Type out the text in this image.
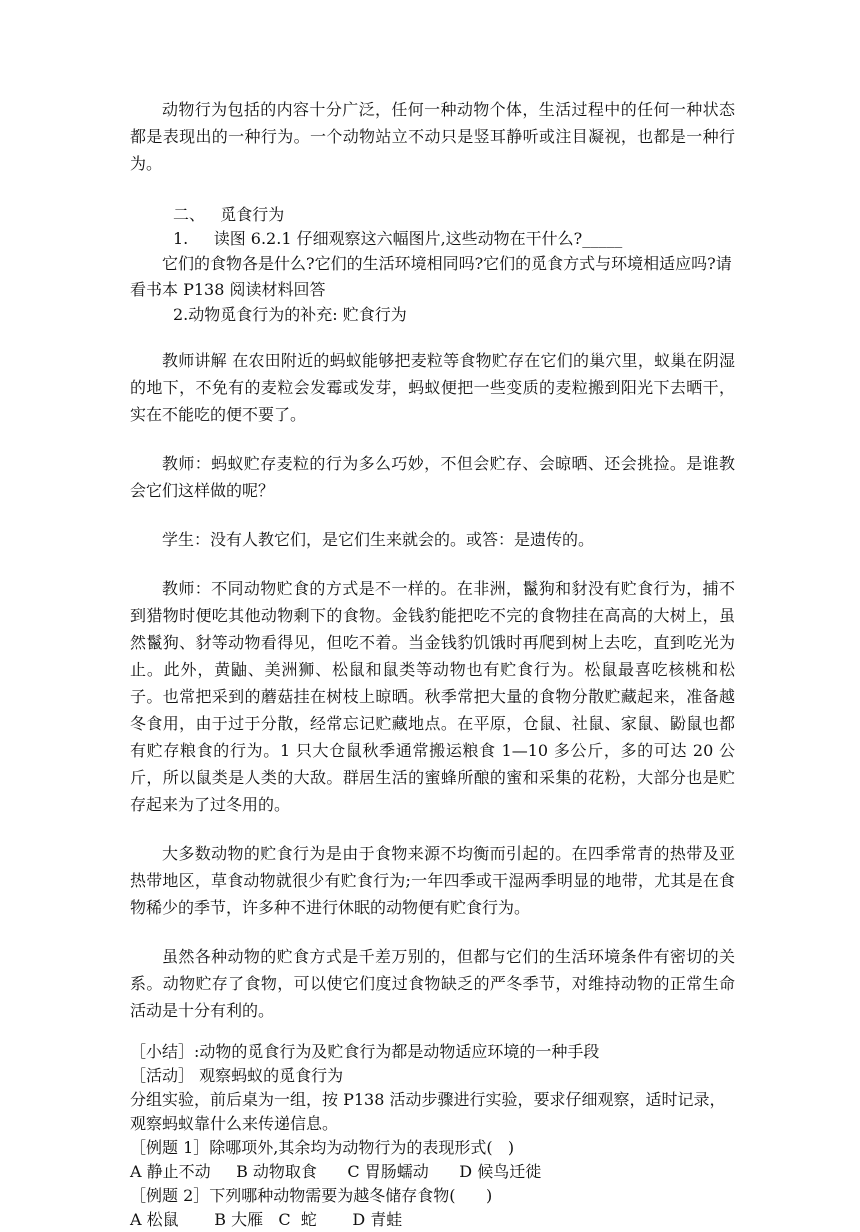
动物行为包括的内容十分广泛，任何一种动物个体，生活过程中的任何一种状态都是表现出的一种行为。一个动物站立不动只是竖耳静听或注目凝视，也都是一种行为。

二、   觅食行为

1.     读图 6.2.1 仔细观察这六幅图片,这些动物在干什么?_____

它们的食物各是什么?它们的生活环境相同吗?它们的觅食方式与环境相适应吗?请看书本 P138 阅读材料回答

2.动物觅食行为的补充: 贮食行为

教师讲解 在农田附近的蚂蚁能够把麦粒等食物贮存在它们的巢穴里，蚁巢在阴湿的地下，不免有的麦粒会发霉或发芽，蚂蚁便把一些变质的麦粒搬到阳光下去晒干，实在不能吃的便不要了。

教师：蚂蚁贮存麦粒的行为多么巧妙，不但会贮存、会晾晒、还会挑捡。是谁教会它们这样做的呢？

学生：没有人教它们，是它们生来就会的。或答：是遗传的。

教师：不同动物贮食的方式是不一样的。在非洲，鬣狗和豺没有贮食行为，捕不到猎物时便吃其他动物剩下的食物。金钱豹能把吃不完的食物挂在高高的大树上，虽然鬣狗、豺等动物看得见，但吃不着。当金钱豹饥饿时再爬到树上去吃，直到吃光为止。此外，黄鼬、美洲狮、松鼠和鼠类等动物也有贮食行为。松鼠最喜吃核桃和松子。也常把采到的蘑菇挂在树枝上晾晒。秋季常把大量的食物分散贮藏起来，准备越冬食用，由于过于分散，经常忘记贮藏地点。在平原，仓鼠、社鼠、家鼠、鼢鼠也都有贮存粮食的行为。1 只大仓鼠秋季通常搬运粮食 1—10 多公斤，多的可达 20 公斤，所以鼠类是人类的大敌。群居生活的蜜蜂所酿的蜜和采集的花粉，大部分也是贮存起来为了过冬用的。

大多数动物的贮食行为是由于食物来源不均衡而引起的。在四季常青的热带及亚热带地区，草食动物就很少有贮食行为;一年四季或干湿两季明显的地带，尤其是在食物稀少的季节，许多种不进行休眠的动物便有贮食行为。

虽然各种动物的贮食方式是千差万别的，但都与它们的生活环境条件有密切的关系。动物贮存了食物，可以使它们度过食物缺乏的严冬季节，对维持动物的正常生命活动是十分有利的。

［小结］:动物的觅食行为及贮食行为都是动物适应环境的一种手段

［活动］ 观察蚂蚁的觅食行为

分组实验，前后桌为一组，按 P138 活动步骤进行实验，要求仔细观察，适时记录，观察蚂蚁靠什么来传递信息。

［例题 1］除哪项外,其余均为动物行为的表现形式(   )

A 静止不动     B 动物取食      C 胃肠蠕动      D 候鸟迁徙

［例题 2］下列哪种动物需要为越冬储存食物(      )

A 松鼠       B 大雁   C  蛇       D 青蛙
